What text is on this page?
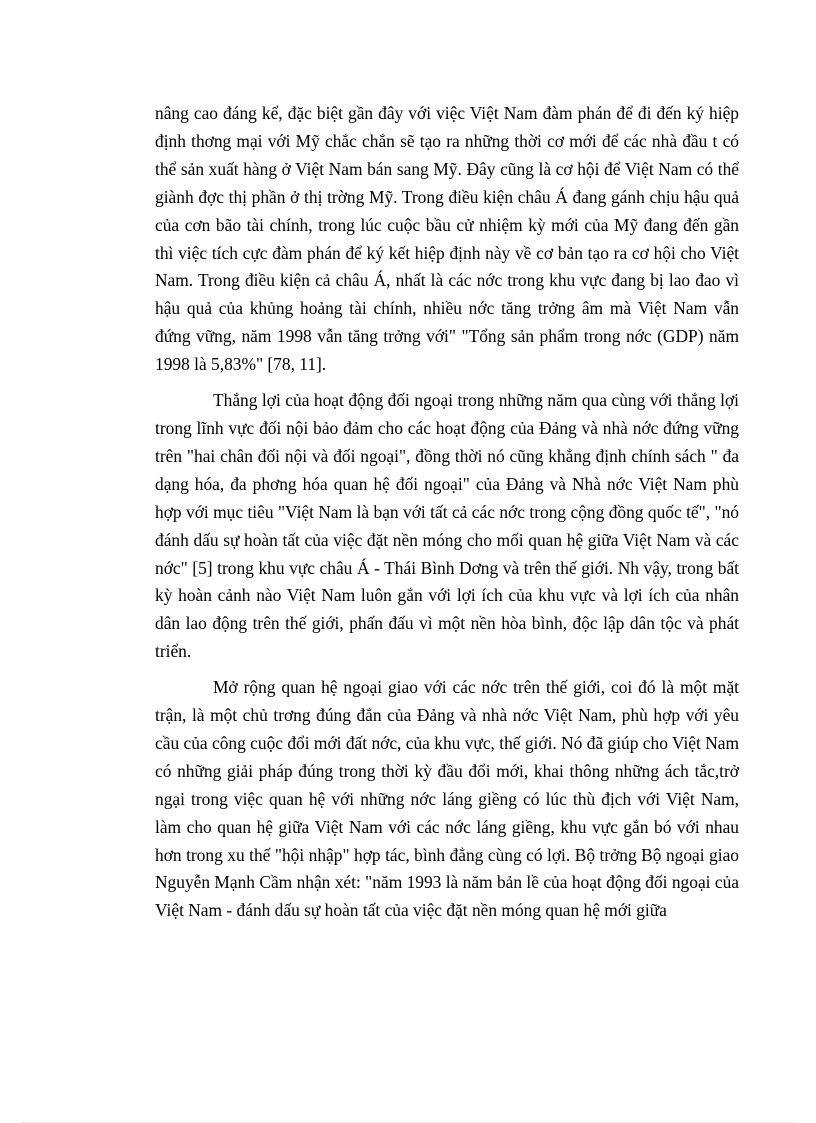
nâng cao đáng kể, đặc biệt gần đây với việc Việt Nam đàm phán để đi đến ký hiệp định thơng mại với Mỹ chắc chắn sẽ tạo ra những thời cơ mới để các nhà đầu t có thể sản xuất hàng ở Việt Nam bán sang Mỹ. Đây cũng là cơ hội để Việt Nam có thể giành đợc thị phần ở thị trờng Mỹ. Trong điều kiện châu Á đang gánh chịu hậu quả của cơn bão tài chính, trong lúc cuộc bầu cử nhiệm kỳ mới của Mỹ đang đến gần thì việc tích cực đàm phán để ký kết hiệp định này về cơ bản tạo ra cơ hội cho Việt Nam. Trong điều kiện cả châu Á, nhất là các nớc trong khu vực đang bị lao đao vì hậu quả của khủng hoảng tài chính, nhiều nớc tăng trởng âm mà Việt Nam vẫn đứng vững, năm 1998 vẫn tăng trởng với" "Tổng sản phẩm trong nớc (GDP) năm 1998 là 5,83%" [78, 11].

Thắng lợi của hoạt động đối ngoại trong những năm qua cùng với thắng lợi trong lĩnh vực đối nội bảo đảm cho các hoạt động của Đảng và nhà nớc đứng vững trên "hai chân đối nội và đối ngoại", đồng thời nó cũng khẳng định chính sách " đa dạng hóa, đa phơng hóa quan hệ đối ngoại" của Đảng và Nhà nớc Việt Nam phù hợp với mục tiêu "Việt Nam là bạn với tất cả các nớc trong cộng đồng quốc tế", "nó đánh dấu sự hoàn tất của việc đặt nền móng cho mối quan hệ giữa Việt Nam và các nớc" [5] trong khu vực châu Á - Thái Bình Dơng và trên thế giới. Nh vậy, trong bất kỳ hoàn cảnh nào Việt Nam luôn gắn với lợi ích của khu vực và lợi ích của nhân dân lao động trên thế giới, phấn đấu vì một nền hòa bình, độc lập dân tộc và phát triển.

Mở rộng quan hệ ngoại giao với các nớc trên thế giới, coi đó là một mặt trận, là một chủ trơng đúng đắn của Đảng và nhà nớc Việt Nam, phù hợp với yêu cầu của công cuộc đổi mới đất nớc, của khu vực, thế giới. Nó đã giúp cho Việt Nam có những giải pháp đúng trong thời kỳ đầu đổi mới, khai thông những ách tắc,trở ngại trong việc quan hệ với những nớc láng giềng có lúc thù địch với Việt Nam, làm cho quan hệ giữa Việt Nam với các nớc láng giềng, khu vực gắn bó với nhau hơn trong xu thế "hội nhập" hợp tác, bình đẳng cùng có lợi. Bộ trởng Bộ ngoại giao Nguyễn Mạnh Cầm nhận xét: "năm 1993 là năm bản lề của hoạt động đối ngoại của Việt Nam - đánh dấu sự hoàn tất của việc đặt nền móng quan hệ mới giữa
